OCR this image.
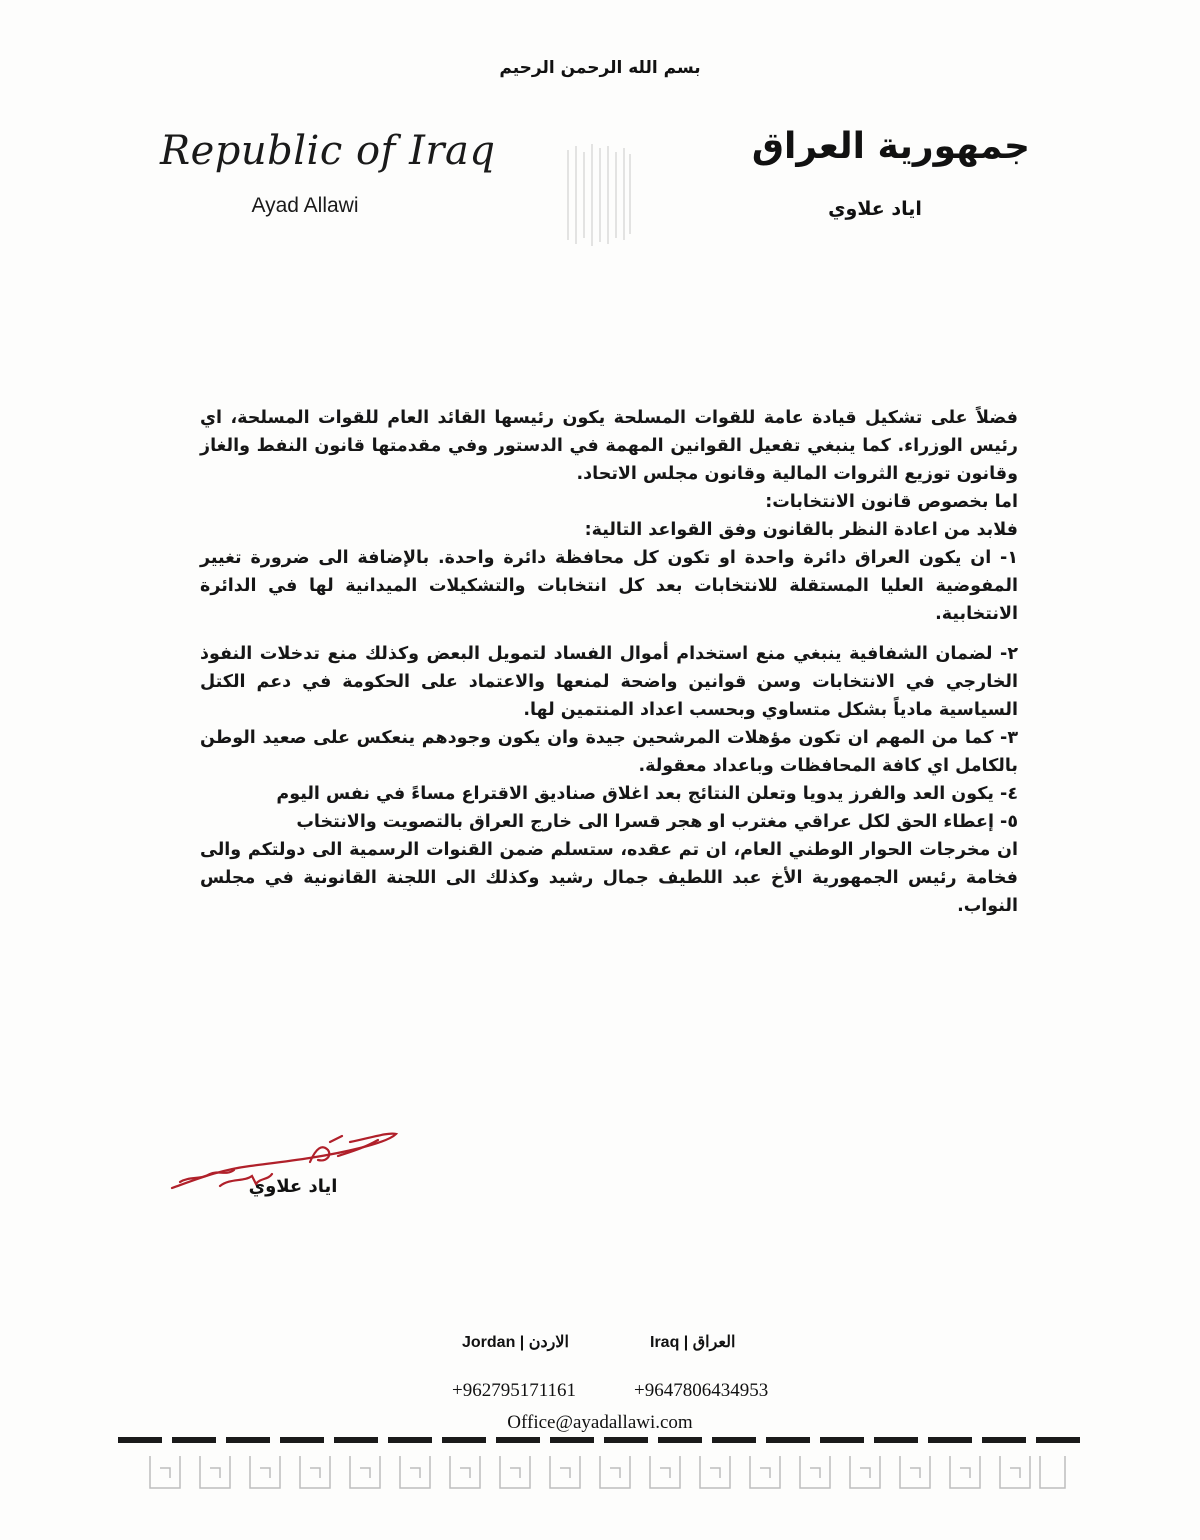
بسم الله الرحمن الرحيم
Republic of Iraq
Ayad Allawi
جمهورية العراق
اياد علاوي

فضلاً على تشكيل قيادة عامة للقوات المسلحة يكون رئيسها القائد العام للقوات المسلحة، اي رئيس الوزراء. كما ينبغي تفعيل القوانين المهمة في الدستور وفي مقدمتها قانون النفط والغاز وقانون توزيع الثروات المالية وقانون مجلس الاتحاد.

اما بخصوص قانون الانتخابات:

فلابد من اعادة النظر بالقانون وفق القواعد التالية:

١- ان يكون العراق دائرة واحدة او تكون كل محافظة دائرة واحدة. بالإضافة الى ضرورة تغيير المفوضية العليا المستقلة للانتخابات بعد كل انتخابات والتشكيلات الميدانية لها في الدائرة الانتخابية.

٢- لضمان الشفافية ينبغي منع استخدام أموال الفساد لتمويل البعض وكذلك منع تدخلات النفوذ الخارجي في الانتخابات وسن قوانين واضحة لمنعها والاعتماد على الحكومة في دعم الكتل السياسية مادياً بشكل متساوي وبحسب اعداد المنتمين لها.

٣- كما من المهم ان تكون مؤهلات المرشحين جيدة وان يكون وجودهم ينعكس على صعيد الوطن بالكامل اي كافة المحافظات وباعداد معقولة.

٤- يكون العد والفرز يدويا وتعلن النتائج بعد اغلاق صناديق الاقتراع مساءً في نفس اليوم

٥- إعطاء الحق لكل عراقي مغترب او هجر قسرا الى خارج العراق بالتصويت والانتخاب

ان مخرجات الحوار الوطني العام، ان تم عقده، ستسلم ضمن القنوات الرسمية الى دولتكم والى فخامة رئيس الجمهورية الأخ عبد اللطيف جمال رشيد وكذلك الى اللجنة القانونية في مجلس النواب.

اياد علاوي
Jordan | الاردن	Iraq | العراق
+962795171161	+9647806434953
Office@ayadallawi.com
